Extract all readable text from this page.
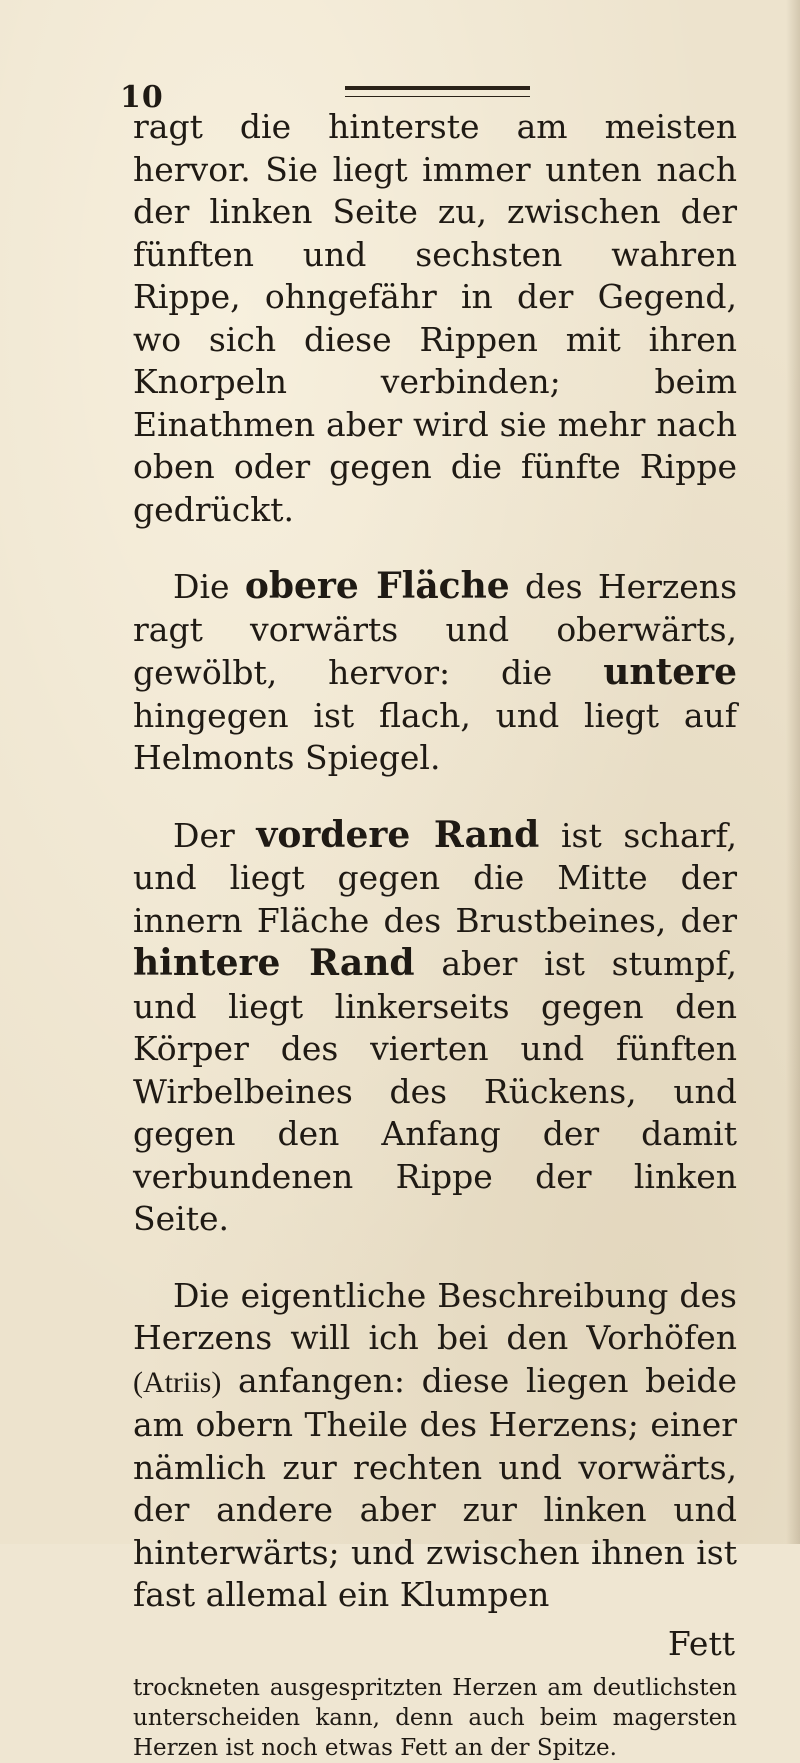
10

ragt die hinterste am meisten hervor. Sie liegt immer unten nach der linken Seite zu, zwischen der fünften und sechsten wahren Rippe, ohngefähr in der Gegend, wo sich diese Rippen mit ihren Knorpeln verbinden; beim Einathmen aber wird sie mehr nach oben oder gegen die fünfte Rippe gedrückt.

Die obere Fläche des Herzens ragt vorwärts und oberwärts, gewölbt, hervor: die untere hingegen ist flach, und liegt auf Helmonts Spiegel.

Der vordere Rand ist scharf, und liegt gegen die Mitte der innern Fläche des Brustbeines, der hintere Rand aber ist stumpf, und liegt linkerseits gegen den Körper des vierten und fünften Wirbelbeines des Rückens, und gegen den Anfang der damit verbundenen Rippe der linken Seite.

Die eigentliche Beschreibung des Herzens will ich bei den Vorhöfen (Atriis) anfangen: diese liegen beide am obern Theile des Herzens; einer nämlich zur rechten und vorwärts, der andere aber zur linken und hinterwärts; und zwischen ihnen ist fast allemal ein Klumpen

Fett
trockneten ausgespritzten Herzen am deutlichsten unterscheiden kann, denn auch beim magersten Herzen ist noch etwas Fett an der Spitze.
